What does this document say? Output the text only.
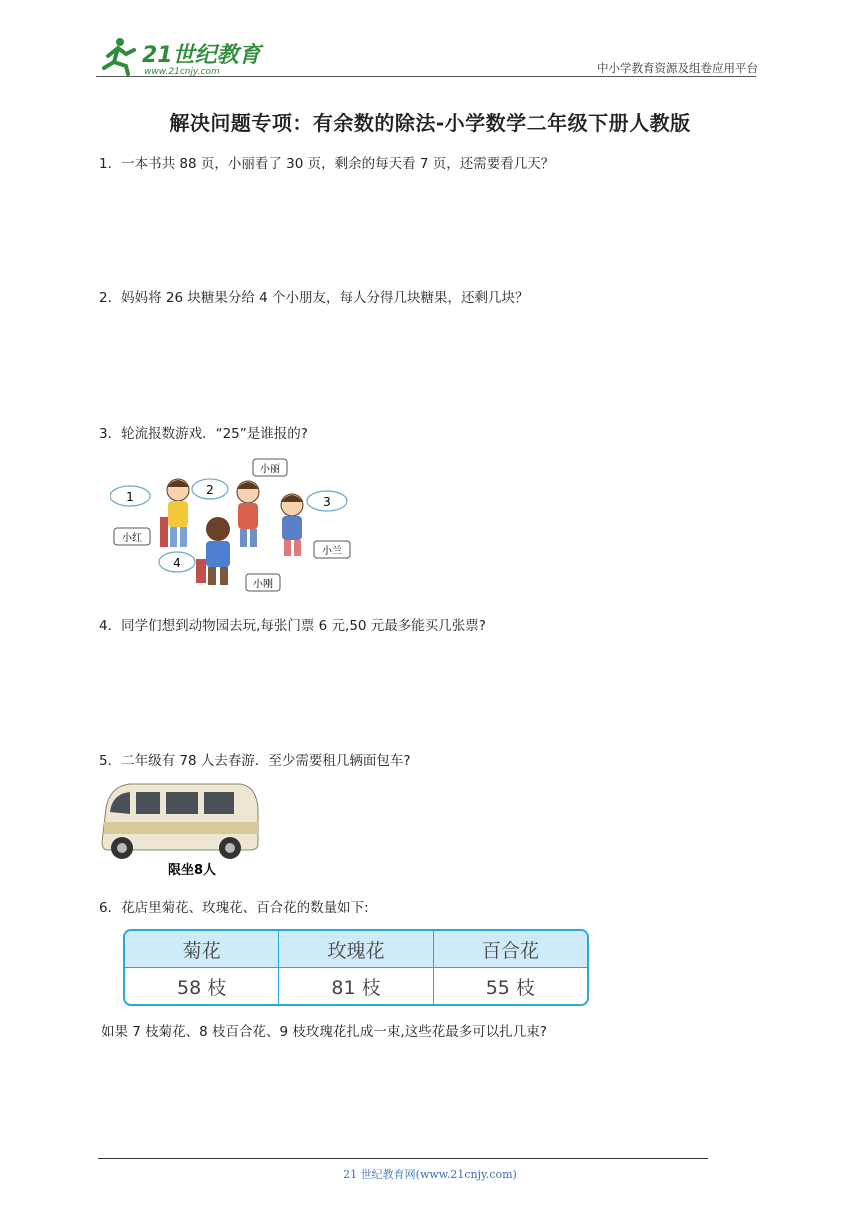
21世纪教育
www.21cnjy.com	中小学教育资源及组卷应用平台
解决问题专项：有余数的除法-小学数学二年级下册人教版
1．一本书共 88 页，小丽看了 30 页，剩余的每天看 7 页，还需要看几天？
2．妈妈将 26 块糖果分给 4 个小朋友，每人分得几块糖果，还剩几块？
3．轮流报数游戏．“25”是谁报的?
1	2
3
4
小丽
小红
小兰
小刚
4．同学们想到动物园去玩,每张门票 6 元,50 元最多能买几张票?
5．二年级有 78 人去春游．至少需要租几辆面包车?
限坐8人
6．花店里菊花、玫瑰花、百合花的数量如下:
菊花	玫瑰花	百合花
58 枝	81 枝	55 枝
如果 7 枝菊花、8 枝百合花、9 枝玫瑰花扎成一束,这些花最多可以扎几束?
21 世纪教育网(www.21cnjy.com)
